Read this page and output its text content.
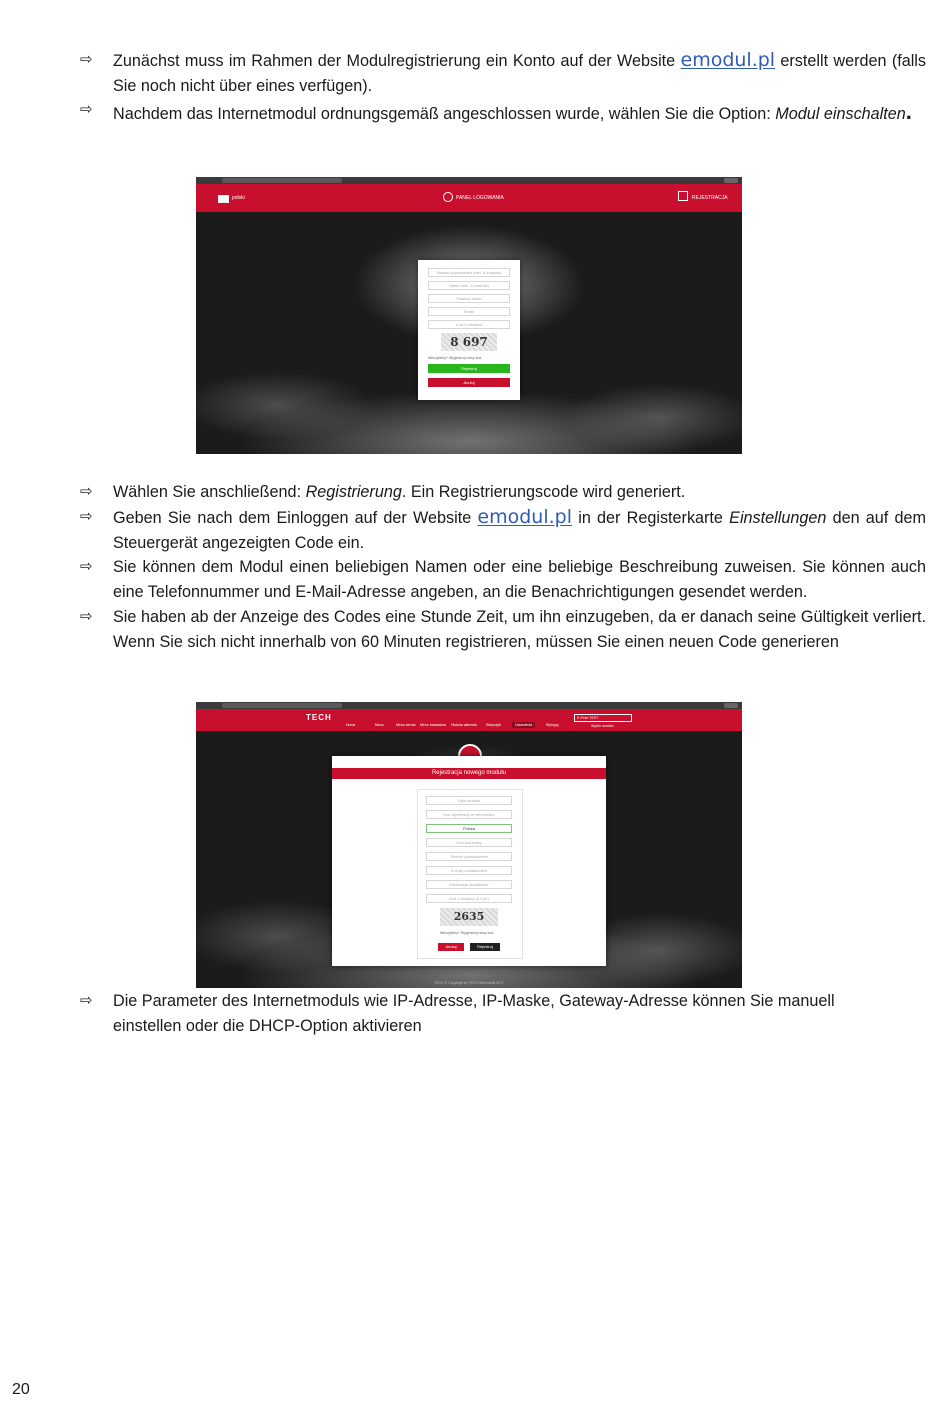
⇨	Zunächst muss im Rahmen der Modulregistrierung ein Konto auf der Website emodul.pl erstellt werden (falls Sie noch nicht über eines verfügen).
⇨	Nachdem das Internetmodul ordnungsgemäß angeschlossen wurde, wählen Sie die Option: Modul einschalten.
polski	PANEL LOGOWANIA	REJESTRACJA
Nazwa użytkownika (min. 6 znaków)
Hasło (min. 6 znaków)
Powtórz hasło
Email
Kod z obrazka
8 697
Nieczytelny? Wygeneruj nowy kod
Rejestruj
Anuluj
⇨	Wählen Sie anschließend: Registrierung. Ein Registrierungscode wird generiert.
⇨	Geben Sie nach dem Einloggen auf der Website emodul.pl in der Registerkarte Einstellungen den auf dem Steuergerät angezeigten Code ein.
⇨	Sie können dem Modul einen beliebigen Namen oder eine beliebige Beschreibung zuweisen. Sie können auch eine Telefonnummer und E-Mail-Adresse angeben, an die Benachrichtigungen gesendet werden.
⇨	Sie haben ab der Anzeige des Codes eine Stunde Zeit, um ihn einzugeben, da er danach seine Gültigkeit verliert. Wenn Sie sich nicht innerhalb von 60 Minuten registrieren, müssen Sie einen neuen Code generieren
TECH
Home	Menu	Menu serwis Menu instalatora Historia alarmów	Statystyki	Ustawienia	Wyloguj
E-Pelet TEST
Wybór modułu
Rejestracja nowego modułu
Opis modułu
Kod rejestracji ze sterownika
Polska
Kod pocztowy
Telefon powiadomień
E-mail powiadomień
Informacje dodatkowe
Kod z obrazka (5 Cyfr)
2635
Nieczytelny? Wygeneruj nowy kod
Anuluj	Rejestruj
TECH © Copyright by TECH Sterowniki 2017
⇨	Die Parameter des Internetmoduls wie IP-Adresse, IP-Maske, Gateway-Adresse können Sie manuell einstellen oder die DHCP-Option aktivieren
20
